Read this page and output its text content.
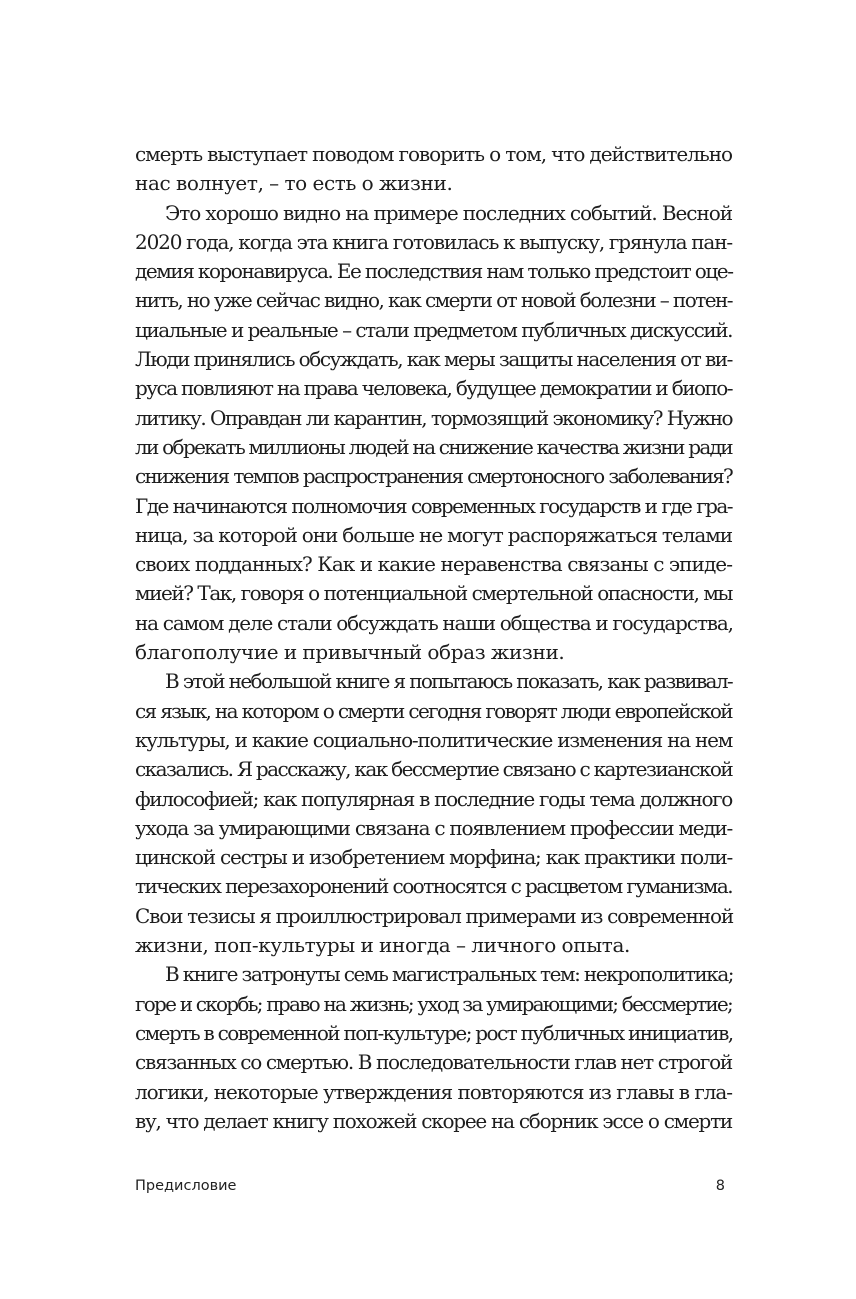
смерть выступает поводом говорить о том, что действительно
нас волнует, – то есть о жизни.
Это хорошо видно на примере последних событий. Весной
2020 года, когда эта книга готовилась к выпуску, грянула пан-
демия коронавируса. Ее последствия нам только предстоит оце-
нить, но уже сейчас видно, как смерти от новой болезни – потен-
циальные и реальные – стали предметом публичных дискуссий.
Люди принялись обсуждать, как меры защиты населения от ви-
руса повлияют на права человека, будущее демократии и биопо-
литику. Оправдан ли карантин, тормозящий экономику? Нужно
ли обрекать миллионы людей на снижение качества жизни ради
снижения темпов распространения смертоносного заболевания?
Где начинаются полномочия современных государств и где гра-
ница, за которой они больше не могут распоряжаться телами
своих подданных? Как и какие неравенства связаны с эпиде-
мией? Так, говоря о потенциальной смертельной опасности, мы
на самом деле стали обсуждать наши общества и государства,
благополучие и привычный образ жизни.
В этой небольшой книге я попытаюсь показать, как развивал-
ся язык, на котором о смерти сегодня говорят люди европейской
культуры, и какие социально-политические изменения на нем
сказались. Я расскажу, как бессмертие связано с картезианской
философией; как популярная в последние годы тема должного
ухода за умирающими связана с появлением профессии меди-
цинской сестры и изобретением морфина; как практики поли-
тических перезахоронений соотносятся с расцветом гуманизма.
Свои тезисы я проиллюстрировал примерами из современной
жизни, поп-культуры и иногда – личного опыта.
В книге затронуты семь магистральных тем: некрополитика;
горе и скорбь; право на жизнь; уход за умирающими; бессмертие;
смерть в современной поп-культуре; рост публичных инициатив,
связанных со смертью. В последовательности глав нет строгой
логики, некоторые утверждения повторяются из главы в гла-
ву, что делает книгу похожей скорее на сборник эссе о смерти
Предисловие	8
